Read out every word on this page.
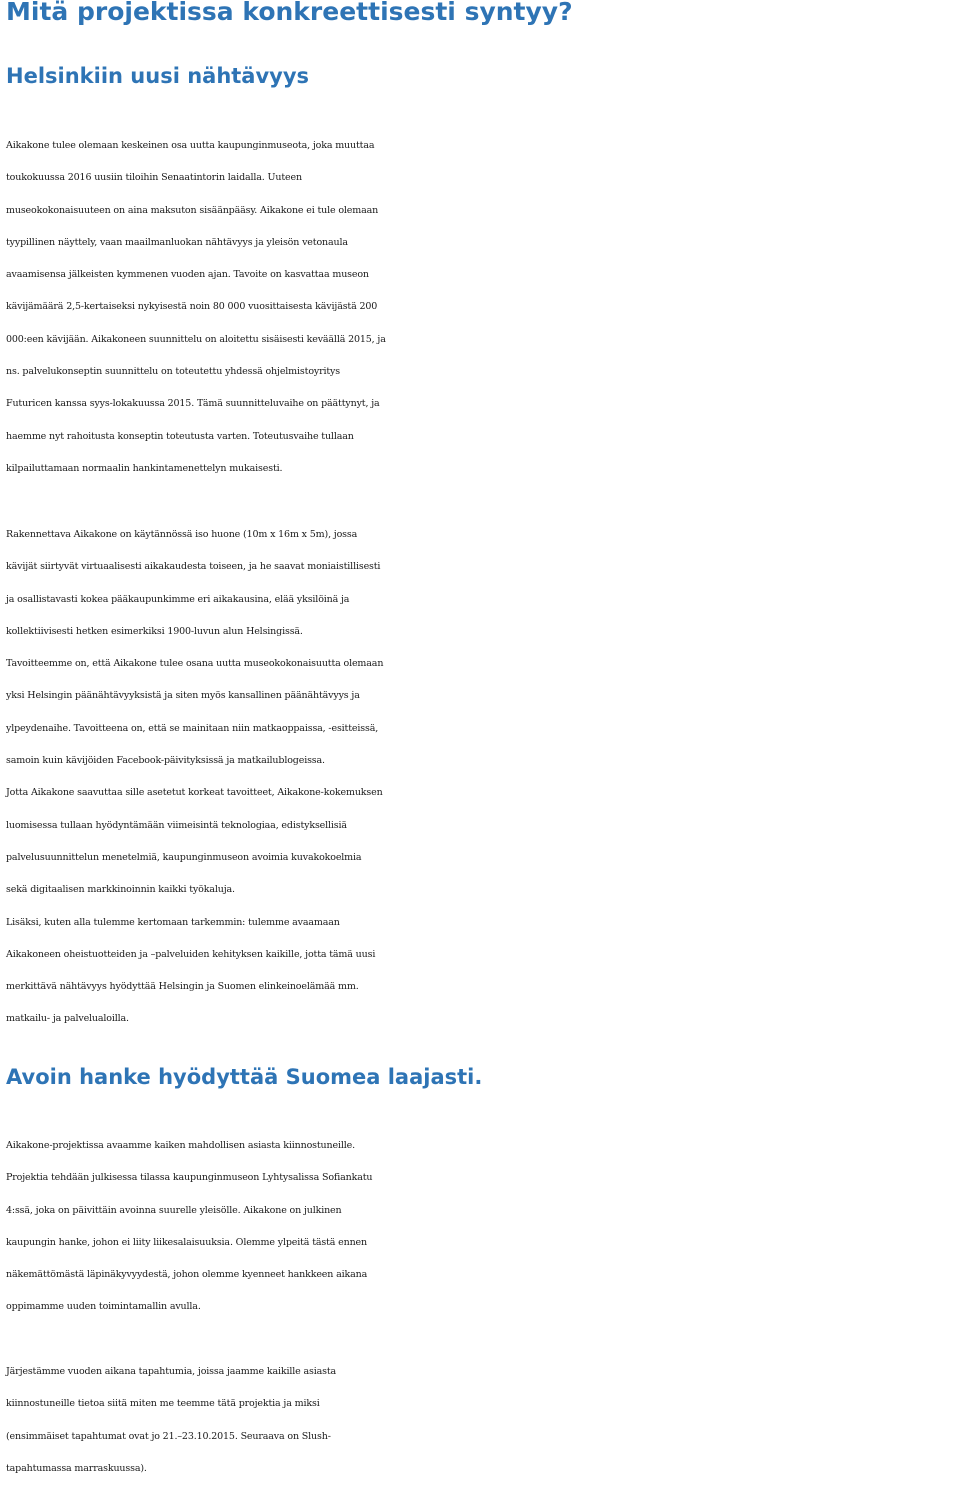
Mitä projektissa konkreettisesti syntyy?
Helsinkiin uusi nähtävyys
Aikakone tulee olemaan keskeinen osa uutta kaupunginmuseota, joka muuttaa
toukokuussa 2016 uusiin tiloihin Senaatintorin laidalla. Uuteen
museokokonaisuuteen on aina maksuton sisäänpääsy. Aikakone ei tule olemaan
tyypillinen näyttely, vaan maailmanluokan nähtävyys ja yleisön vetonaula
avaamisensa jälkeisten kymmenen vuoden ajan. Tavoite on kasvattaa museon
kävijämäärä 2,5-kertaiseksi nykyisestä noin 80 000 vuosittaisesta kävijästä 200
000:een kävijään. Aikakoneen suunnittelu on aloitettu sisäisesti keväällä 2015, ja
ns. palvelukonseptin suunnittelu on toteutettu yhdessä ohjelmistoyritys
Futuricen kanssa syys-lokakuussa 2015. Tämä suunnitteluvaihe on päättynyt, ja
haemme nyt rahoitusta konseptin toteutusta varten. Toteutusvaihe tullaan
kilpailuttamaan normaalin hankintamenettelyn mukaisesti.
Rakennettava Aikakone on käytännössä iso huone (10m x 16m x 5m), jossa
kävijät siirtyvät virtuaalisesti aikakaudesta toiseen, ja he saavat moniaistillisesti
ja osallistavasti kokea pääkaupunkimme eri aikakausina, elää yksilöinä ja
kollektiivisesti hetken esimerkiksi 1900-luvun alun Helsingissä.
Tavoitteemme on, että Aikakone tulee osana uutta museokokonaisuutta olemaan
yksi Helsingin päänähtävyyksistä ja siten myös kansallinen päänähtävyys ja
ylpeydenaihe. Tavoitteena on, että se mainitaan niin matkaoppaissa, -esitteissä,
samoin kuin kävijöiden Facebook-päivityksissä ja matkailublogeissa.
Jotta Aikakone saavuttaa sille asetetut korkeat tavoitteet, Aikakone-kokemuksen
luomisessa tullaan hyödyntämään viimeisintä teknologiaa, edistyksellisiä
palvelusuunnittelun menetelmiä, kaupunginmuseon avoimia kuvakokoelmia
sekä digitaalisen markkinoinnin kaikki työkaluja.
Lisäksi, kuten alla tulemme kertomaan tarkemmin: tulemme avaamaan
Aikakoneen oheistuotteiden ja –palveluiden kehityksen kaikille, jotta tämä uusi
merkittävä nähtävyys hyödyttää Helsingin ja Suomen elinkeinoelämää mm.
matkailu- ja palvelualoilla.
Avoin hanke hyödyttää Suomea laajasti.
Aikakone-projektissa avaamme kaiken mahdollisen asiasta kiinnostuneille.
Projektia tehdään julkisessa tilassa kaupunginmuseon Lyhtysalissa Sofiankatu
4:ssä, joka on päivittäin avoinna suurelle yleisölle. Aikakone on julkinen
kaupungin hanke, johon ei liity liikesalaisuuksia. Olemme ylpeitä tästä ennen
näkemättömästä läpinäkyvyydestä, johon olemme kyenneet hankkeen aikana
oppimamme uuden toimintamallin avulla.
Järjestämme vuoden aikana tapahtumia, joissa jaamme kaikille asiasta
kiinnostuneille tietoa siitä miten me teemme tätä projektia ja miksi
(ensimmäiset tapahtumat ovat jo 21.–23.10.2015. Seuraava on Slush-
tapahtumassa marraskuussa).
